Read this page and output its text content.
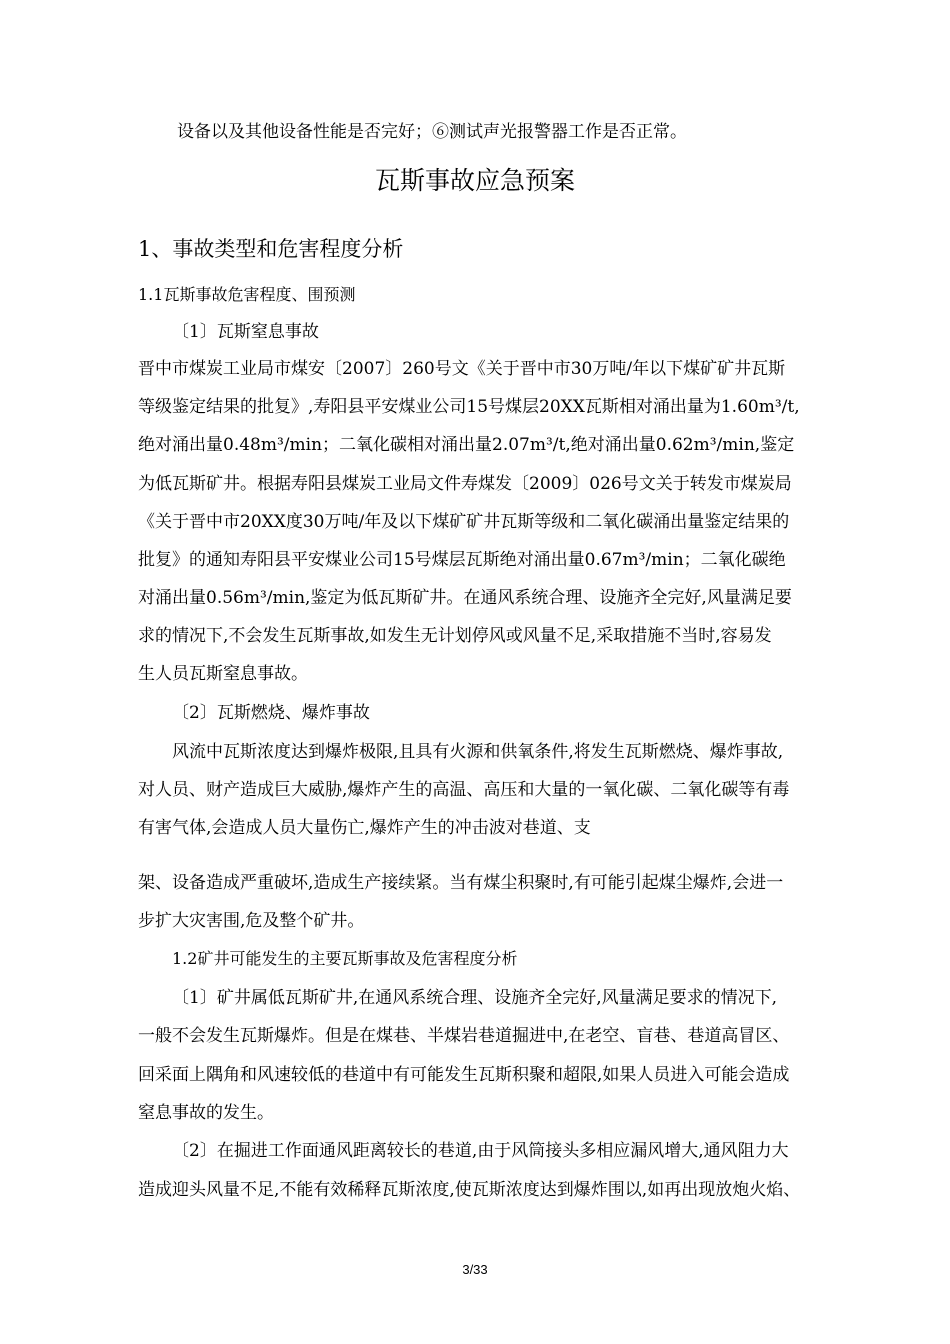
设备以及其他设备性能是否完好；⑥测试声光报警器工作是否正常。
瓦斯事故应急预案
1、事故类型和危害程度分析
1.1瓦斯事故危害程度、围预测
〔1〕瓦斯窒息事故
晋中市煤炭工业局市煤安〔2007〕260号文《关于晋中市30万吨/年以下煤矿矿井瓦斯
等级鉴定结果的批复》,寿阳县平安煤业公司15号煤层20XX瓦斯相对涌出量为1.60m³/t,
绝对涌出量0.48m³/min；二氧化碳相对涌出量2.07m³/t,绝对涌出量0.62m³/min,鉴定
为低瓦斯矿井。根据寿阳县煤炭工业局文件寿煤发〔2009〕026号文关于转发市煤炭局
《关于晋中市20XX度30万吨/年及以下煤矿矿井瓦斯等级和二氧化碳涌出量鉴定结果的
批复》的通知寿阳县平安煤业公司15号煤层瓦斯绝对涌出量0.67m³/min；二氧化碳绝
对涌出量0.56m³/min,鉴定为低瓦斯矿井。在通风系统合理、设施齐全完好,风量满足要
求的情况下,不会发生瓦斯事故,如发生无计划停风或风量不足,采取措施不当时,容易发
生人员瓦斯窒息事故。
〔2〕瓦斯燃烧、爆炸事故
风流中瓦斯浓度达到爆炸极限,且具有火源和供氧条件,将发生瓦斯燃烧、爆炸事故,
对人员、财产造成巨大威胁,爆炸产生的高温、高压和大量的一氧化碳、二氧化碳等有毒
有害气体,会造成人员大量伤亡,爆炸产生的冲击波对巷道、支
架、设备造成严重破坏,造成生产接续紧。当有煤尘积聚时,有可能引起煤尘爆炸,会进一
步扩大灾害围,危及整个矿井。
1.2矿井可能发生的主要瓦斯事故及危害程度分析
〔1〕矿井属低瓦斯矿井,在通风系统合理、设施齐全完好,风量满足要求的情况下,
一般不会发生瓦斯爆炸。但是在煤巷、半煤岩巷道掘进中,在老空、盲巷、巷道高冒区、
回采面上隅角和风速较低的巷道中有可能发生瓦斯积聚和超限,如果人员进入可能会造成
窒息事故的发生。
〔2〕在掘进工作面通风距离较长的巷道,由于风筒接头多相应漏风增大,通风阻力大
造成迎头风量不足,不能有效稀释瓦斯浓度,使瓦斯浓度达到爆炸围以,如再出现放炮火焰、
3/33
